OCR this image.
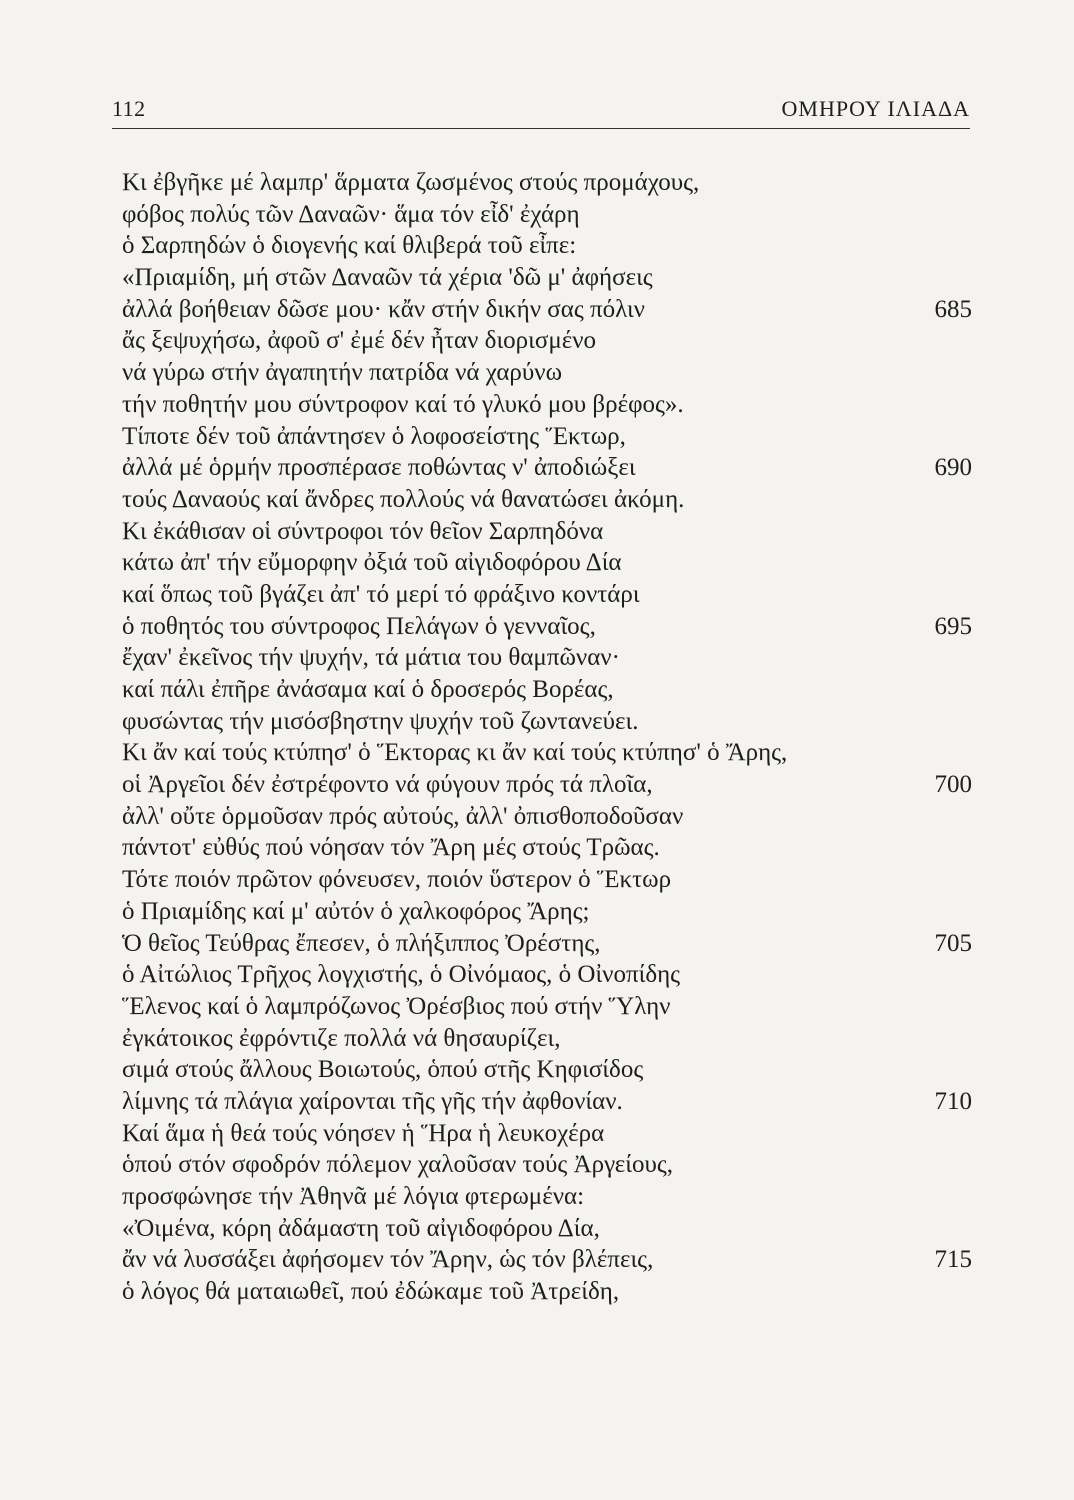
112	ΟΜΗΡΟΥ ΙΛΙΑΔΑ
Κι ἐβγῆκε μέ λαμπρ' ἅρματα ζωσμένος στούς προμάχους,
φόβος πολύς τῶν Δαναῶν· ἅμα τόν εἶδ' ἐχάρη
ὁ Σαρπηδών ὁ διογενής καί θλιβερά τοῦ εἶπε:
«Πριαμίδη, μή στῶν Δαναῶν τά χέρια 'δῶ μ' ἀφήσεις
ἀλλά βοήθειαν δῶσε μου· κἄν στήν δικήν σας πόλιν	685
ἄς ξεψυχήσω, ἀφοῦ σ' ἐμέ δέν ἦταν διορισμένο
νά γύρω στήν ἀγαπητήν πατρίδα νά χαρύνω
τήν ποθητήν μου σύντροφον καί τό γλυκό μου βρέφος».
Τίποτε δέν τοῦ ἀπάντησεν ὁ λοφοσείστης Ἕκτωρ,
ἀλλά μέ ὁρμήν προσπέρασε ποθώντας ν' ἀποδιώξει	690
τούς Δαναούς καί ἄνδρες πολλούς νά θανατώσει ἀκόμη.
Κι ἐκάθισαν οἱ σύντροφοι τόν θεῖον Σαρπηδόνα
κάτω ἀπ' τήν εὔμορφην ὀξιά τοῦ αἰγιδοφόρου Δία
καί ὅπως τοῦ βγάζει ἀπ' τό μερί τό φράξινο κοντάρι
ὁ ποθητός του σύντροφος Πελάγων ὁ γενναῖος,	695
ἔχαν' ἐκεῖνος τήν ψυχήν, τά μάτια του θαμπῶναν·
καί πάλι ἐπῆρε ἀνάσαμα καί ὁ δροσερός Βορέας,
φυσώντας τήν μισόσβηστην ψυχήν τοῦ ζωντανεύει.
Κι ἄν καί τούς κτύπησ' ὁ Ἕκτορας κι ἄν καί τούς κτύπησ' ὁ Ἄρης,
οἱ Ἀργεῖοι δέν ἐστρέφοντο νά φύγουν πρός τά πλοῖα,	700
ἀλλ' οὔτε ὁρμοῦσαν πρός αὐτούς, ἀλλ' ὀπισθοποδοῦσαν
πάντοτ' εὐθύς πού νόησαν τόν Ἄρη μές στούς Τρῶας.
Τότε ποιόν πρῶτον φόνευσεν, ποιόν ὕστερον ὁ Ἕκτωρ
ὁ Πριαμίδης καί μ' αὐτόν ὁ χαλκοφόρος Ἄρης;
Ὁ θεῖος Τεύθρας ἔπεσεν, ὁ πλήξιππος Ὀρέστης,	705
ὁ Αἰτώλιος Τρῆχος λογχιστής, ὁ Οἰνόμαος, ὁ Οἰνοπίδης
Ἕλενος καί ὁ λαμπρόζωνος Ὀρέσβιος πού στήν Ὕλην
ἐγκάτοικος ἐφρόντιζε πολλά νά θησαυρίζει,
σιμά στούς ἄλλους Βοιωτούς, ὁπού στῆς Κηφισίδος
λίμνης τά πλάγια χαίρονται τῆς γῆς τήν ἀφθονίαν.	710
Καί ἅμα ἡ θεά τούς νόησεν ἡ Ἥρα ἡ λευκοχέρα
ὁπού στόν σφοδρόν πόλεμον χαλοῦσαν τούς Ἀργείους,
προσφώνησε τήν Ἀθηνᾶ μέ λόγια φτερωμένα:
«Ὀιμένα, κόρη ἀδάμαστη τοῦ αἰγιδοφόρου Δία,
ἄν νά λυσσάξει ἀφήσομεν τόν Ἄρην, ὡς τόν βλέπεις,	715
ὁ λόγος θά ματαιωθεῖ, πού ἐδώκαμε τοῦ Ἀτρείδη,
